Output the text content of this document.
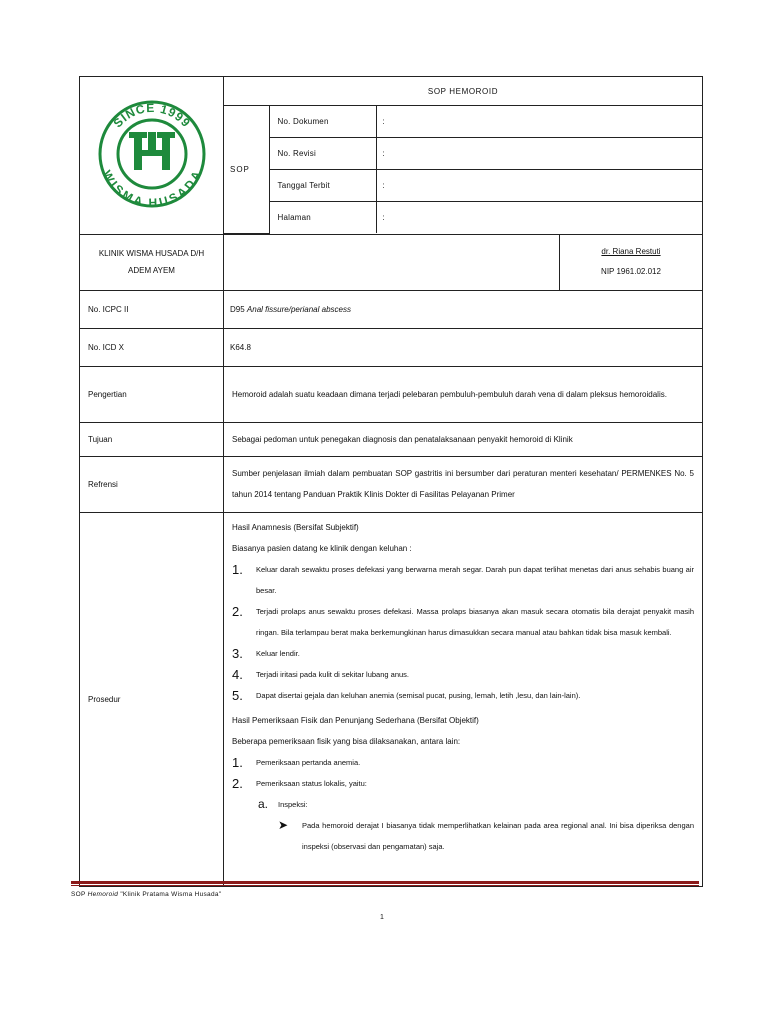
SINCE 1999
WISMA HUSADA
	SOP HEMOROID

SOP	No. Dokumen	:
No. Revisi	:
Tanggal Terbit	:
Halaman	:

KLINIK WISMA HUSADA D/H
ADEM AYEM

dr. Riana Restuti
NIP 1961.02.012

No. ICPC II	D95 Anal fissure/perianal abscess
No. ICD X	K64.8
Pengertian	Hemoroid adalah suatu keadaan dimana terjadi pelebaran pembuluh-pembuluh darah vena di dalam pleksus hemoroidalis.
Tujuan	Sebagai pedoman untuk penegakan diagnosis dan penatalaksanaan penyakit hemoroid di Klinik
Refrensi	Sumber penjelasan ilmiah dalam pembuatan SOP gastritis ini bersumber dari peraturan menteri kesehatan/ PERMENKES No. 5 tahun 2014 tentang Panduan Praktik Klinis Dokter di Fasilitas Pelayanan Primer
Prosedur	

Hasil Anamnesis (Bersifat Subjektif)

Biasanya pasien datang ke klinik dengan keluhan :

1.	Keluar darah sewaktu proses defekasi yang berwarna merah segar. Darah pun dapat terlihat menetas dari anus sehabis buang air besar.
2.	Terjadi prolaps anus sewaktu proses defekasi. Massa prolaps biasanya akan masuk secara otomatis bila derajat penyakit masih ringan. Bila terlampau berat maka berkemungkinan harus dimasukkan secara manual atau bahkan tidak bisa masuk kembali.
3.	Keluar lendir.
4.	Terjadi iritasi pada kulit di sekitar lubang anus.
5.	Dapat disertai gejala dan keluhan anemia (semisal pucat, pusing, lemah, letih ,lesu, dan lain-lain).

Hasil Pemeriksaan Fisik dan Penunjang Sederhana (Bersifat Objektif)

Beberapa pemeriksaan fisik yang bisa dilaksanakan, antara lain:

1.	Pemeriksaan pertanda anemia.
2.	Pemeriksaan status lokalis, yaitu:
a.	Inspeksi:
➤	Pada hemoroid derajat I biasanya tidak memperlihatkan kelainan pada area regional anal. Ini bisa diperiksa dengan inspeksi (observasi dan pengamatan) saja.
SOP Hemoroid "Klinik Pratama Wisma Husada"
1
